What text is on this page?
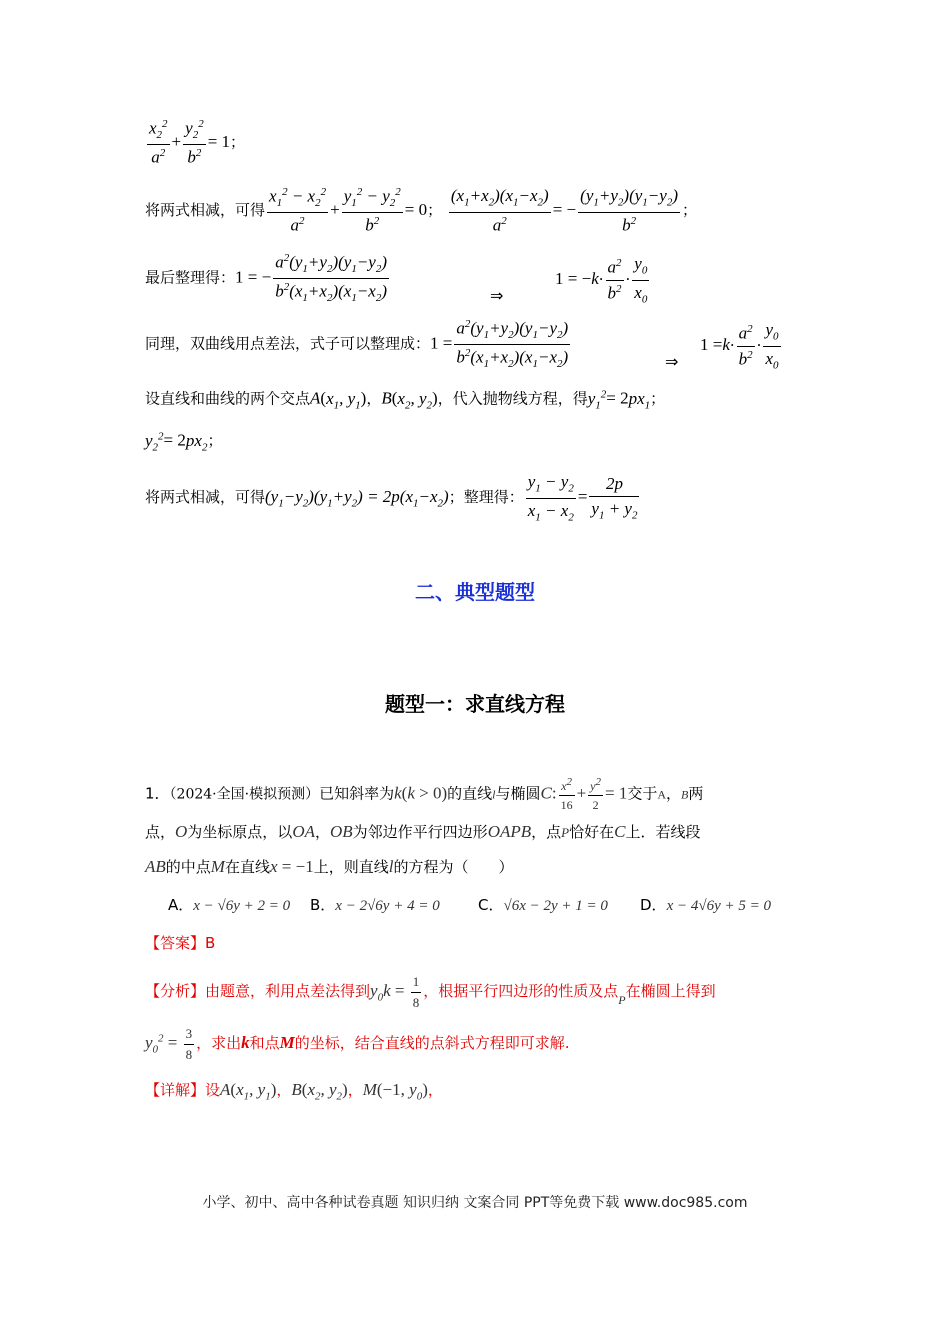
$\frac{x_2^2}{a^2} + \frac{y_2^2}{b^2} = 1$；
将两式相减，可得 $\frac{x_1^2 - x_2^2}{a^2} + \frac{y_1^2 - y_2^2}{b^2} = 0$； $\frac{(x_1+x_2)(x_1-x_2)}{a^2}$ = − $\frac{(y_1+y_2)(y_1-y_2)}{b^2}$ ；
最后整理得：1 = − $\frac{a^2(y_1+y_2)(y_1-y_2)}{b^2(x_1+x_2)(x_1-x_2)}$	⇒
$1 = -k\cdot \frac{a^2}{b^2} \cdot \frac{y_0}{x_0}$
同理，双曲线用点差法，式子可以整理成：$1 = \frac{a^2(y_1+y_2)(y_1-y_2)}{b^2(x_1+x_2)(x_1-x_2)}$	⇒
$1 =k\cdot \frac{a^2}{b^2} \cdot \frac{y_0}{x_0}$
设直线和曲线的两个交点$A(x_1$, $y_1$)，$B(x_2$, $y_2$)，代入抛物线方程，得$y_1^2= 2px_1$；
$y_2^2= 2px_2$；
将两式相减，可得$(y_1-y_2)(y_1+y_2) = 2p(x_1-x_2)$；整理得： $\frac{y_1 - y_2}{x_1 - x_2} = \frac{2p}{y_1 + y_2}$
二、典型题型
题型一：求直线方程
1．（2024·全国·模拟预测）已知斜率为k(k > 0)的直线l与椭圆C: $\frac{x^2}{16} + \frac{y^2}{2} = 1$交于A，B两
点，O为坐标原点，以OA，OB为邻边作平行四边形OAPB，点P恰好在C上．若线段
AB的中点M在直线x = −1上，则直线l的方程为（　　）
A．x − √6y + 2 = 0 B．x − 2√6y + 4 = 0	C．√6x − 2y + 1 = 0 D．x − 4√6y + 5 = 0
【答案】B
【分析】由题意，利用点差法得到$y_0k = \frac{1}{8}$ ，根据平行四边形的性质及点$_P$在椭圆上得到
$y_0^2 = \frac{3}{8}$ ，求出k和点M的坐标，结合直线的点斜式方程即可求解.
【详解】设$A(x_1$, $y_1$)，$B(x_2$, $y_2$)，M(−1, $y_0$)，
小学、初中、高中各种试卷真题 知识归纳 文案合同 PPT等免费下载 www.doc985.com
